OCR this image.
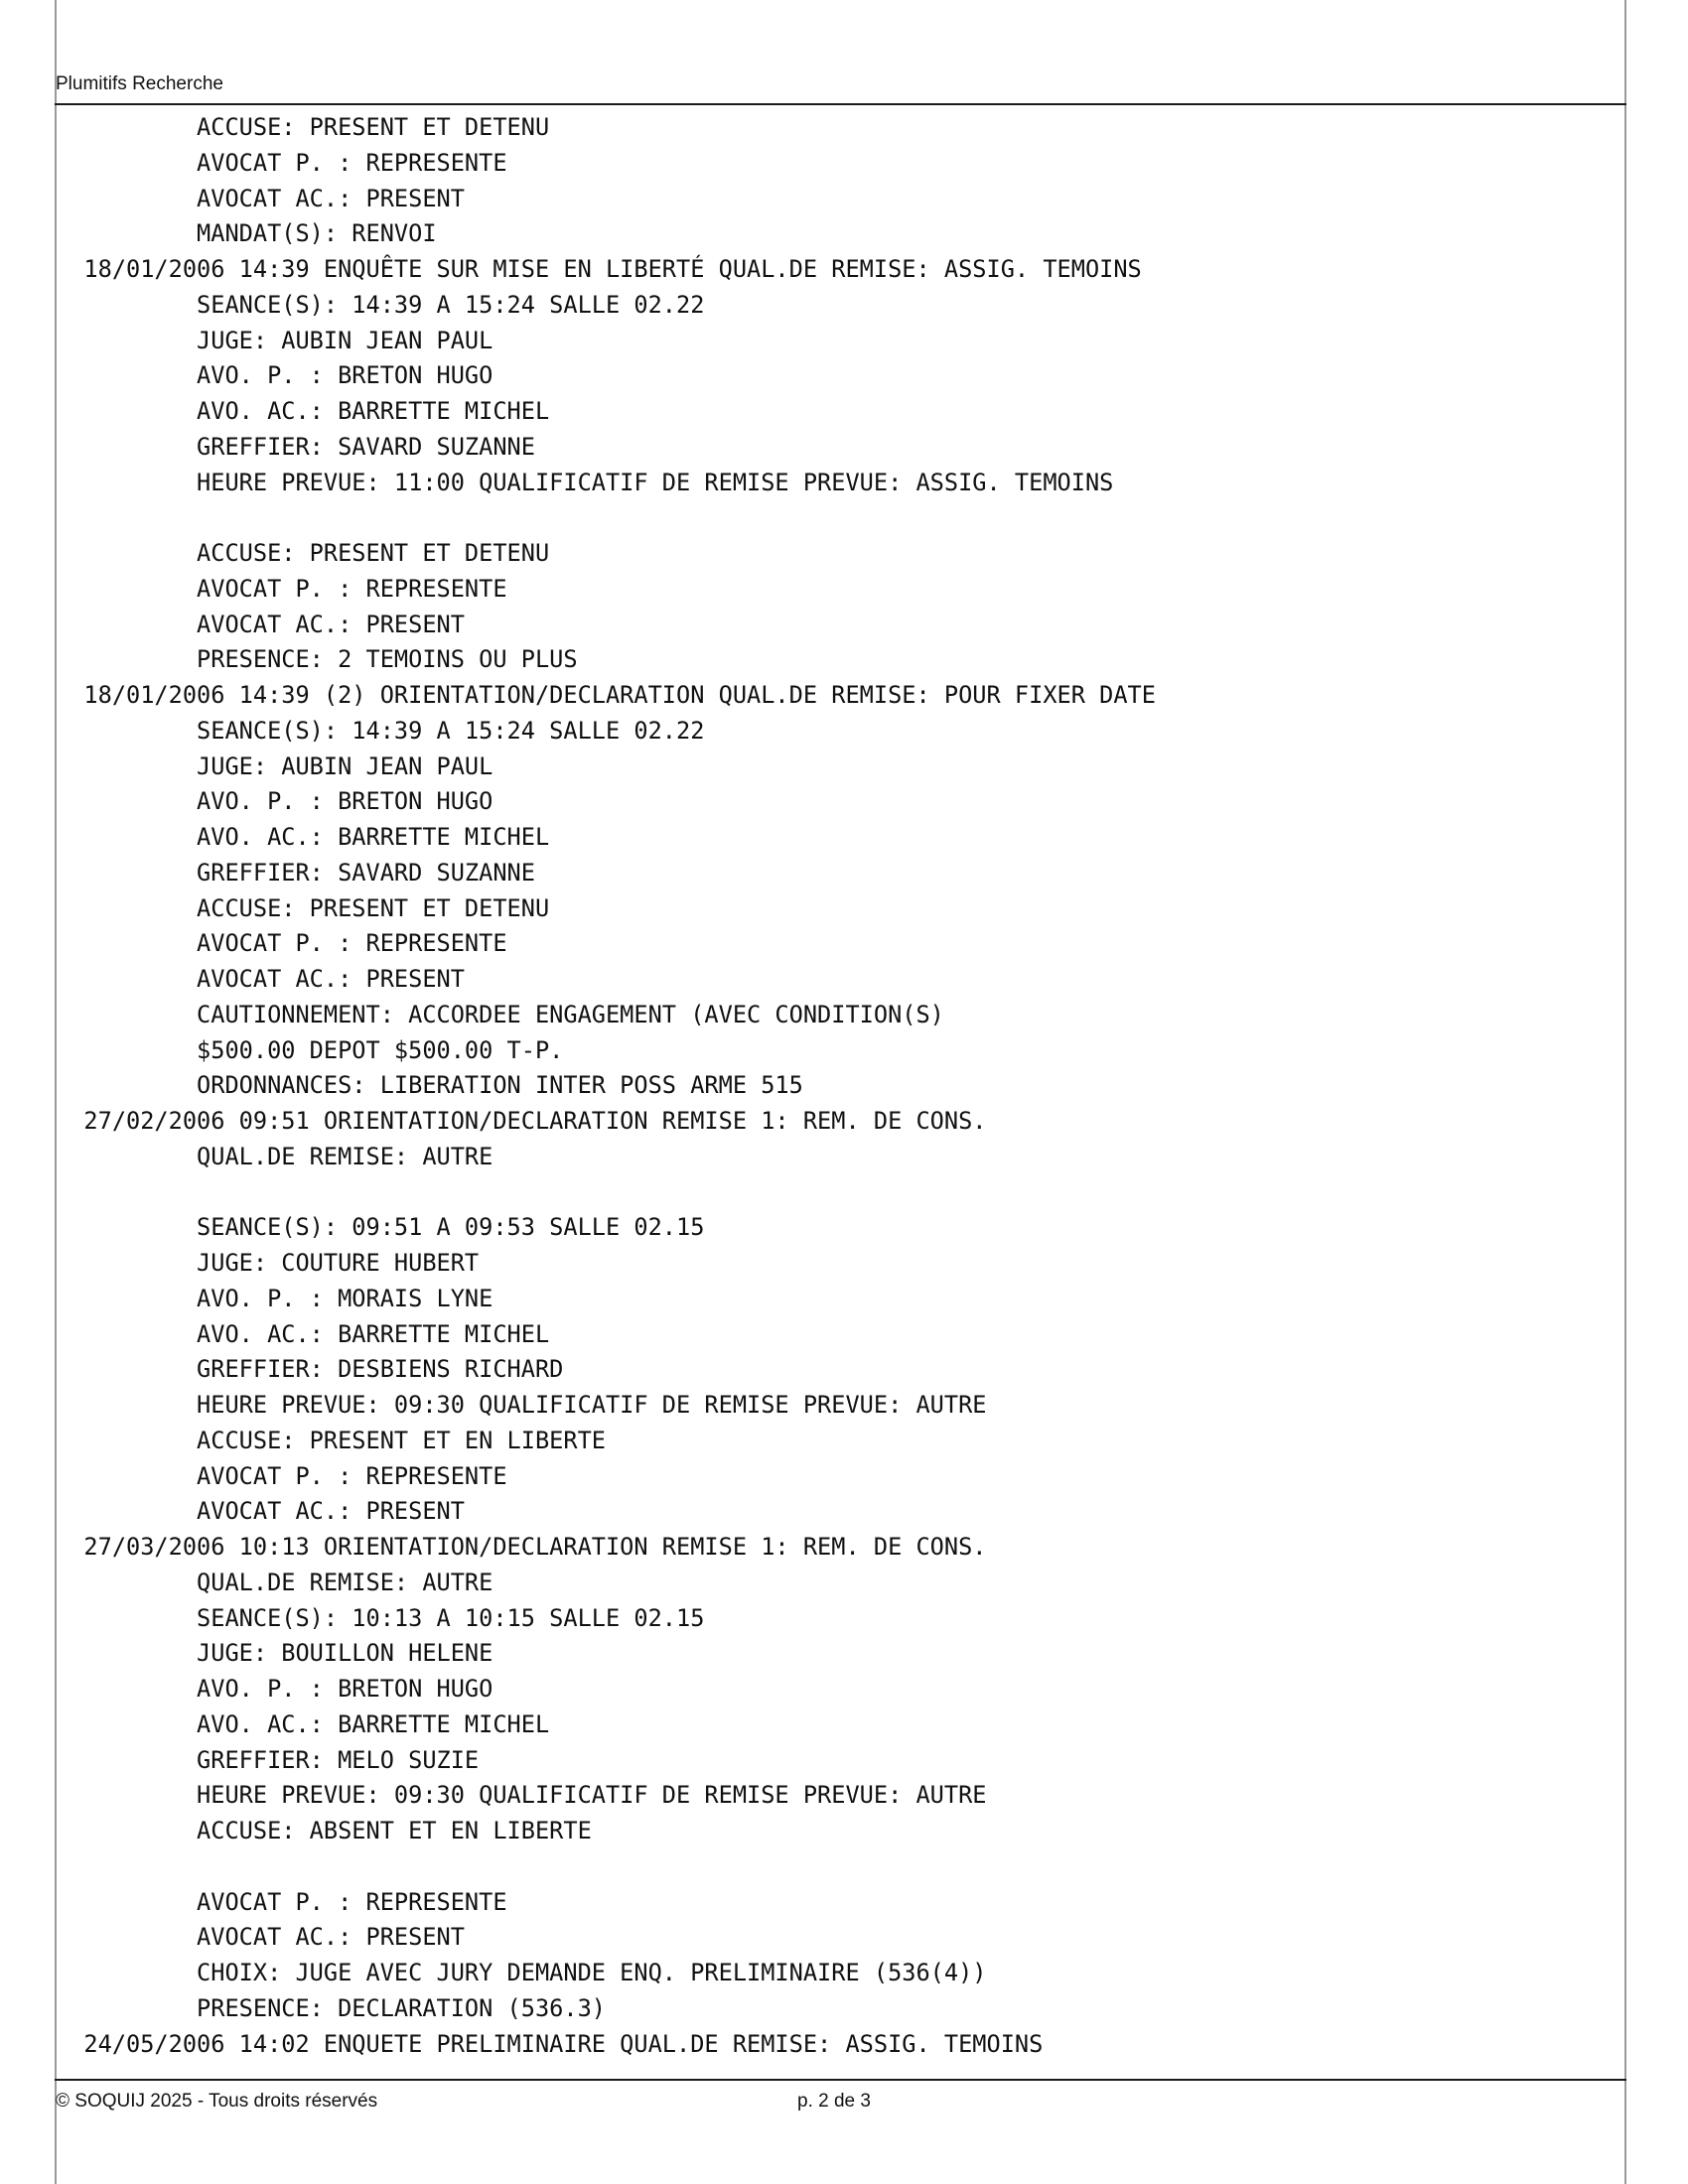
Plumitifs Recherche
ACCUSE: PRESENT ET DETENU
AVOCAT P. : REPRESENTE
AVOCAT AC.: PRESENT
MANDAT(S): RENVOI
18/01/2006 14:39 ENQUÊTE SUR MISE EN LIBERTÉ QUAL.DE REMISE: ASSIG. TEMOINS
SEANCE(S): 14:39 A 15:24 SALLE 02.22
JUGE: AUBIN JEAN PAUL
AVO. P. : BRETON HUGO
AVO. AC.: BARRETTE MICHEL
GREFFIER: SAVARD SUZANNE
HEURE PREVUE: 11:00 QUALIFICATIF DE REMISE PREVUE: ASSIG. TEMOINS
ACCUSE: PRESENT ET DETENU
AVOCAT P. : REPRESENTE
AVOCAT AC.: PRESENT
PRESENCE: 2 TEMOINS OU PLUS
18/01/2006 14:39 (2) ORIENTATION/DECLARATION QUAL.DE REMISE: POUR FIXER DATE
SEANCE(S): 14:39 A 15:24 SALLE 02.22
JUGE: AUBIN JEAN PAUL
AVO. P. : BRETON HUGO
AVO. AC.: BARRETTE MICHEL
GREFFIER: SAVARD SUZANNE
ACCUSE: PRESENT ET DETENU
AVOCAT P. : REPRESENTE
AVOCAT AC.: PRESENT
CAUTIONNEMENT: ACCORDEE ENGAGEMENT (AVEC CONDITION(S)
$500.00 DEPOT $500.00 T-P.
ORDONNANCES: LIBERATION INTER POSS ARME 515
27/02/2006 09:51 ORIENTATION/DECLARATION REMISE 1: REM. DE CONS.
QUAL.DE REMISE: AUTRE
SEANCE(S): 09:51 A 09:53 SALLE 02.15
JUGE: COUTURE HUBERT
AVO. P. : MORAIS LYNE
AVO. AC.: BARRETTE MICHEL
GREFFIER: DESBIENS RICHARD
HEURE PREVUE: 09:30 QUALIFICATIF DE REMISE PREVUE: AUTRE
ACCUSE: PRESENT ET EN LIBERTE
AVOCAT P. : REPRESENTE
AVOCAT AC.: PRESENT
27/03/2006 10:13 ORIENTATION/DECLARATION REMISE 1: REM. DE CONS.
QUAL.DE REMISE: AUTRE
SEANCE(S): 10:13 A 10:15 SALLE 02.15
JUGE: BOUILLON HELENE
AVO. P. : BRETON HUGO
AVO. AC.: BARRETTE MICHEL
GREFFIER: MELO SUZIE
HEURE PREVUE: 09:30 QUALIFICATIF DE REMISE PREVUE: AUTRE
ACCUSE: ABSENT ET EN LIBERTE
AVOCAT P. : REPRESENTE
AVOCAT AC.: PRESENT
CHOIX: JUGE AVEC JURY DEMANDE ENQ. PRELIMINAIRE (536(4))
PRESENCE: DECLARATION (536.3)
24/05/2006 14:02 ENQUETE PRELIMINAIRE QUAL.DE REMISE: ASSIG. TEMOINS
© SOQUIJ 2025 - Tous droits réservés	p. 2 de 3
